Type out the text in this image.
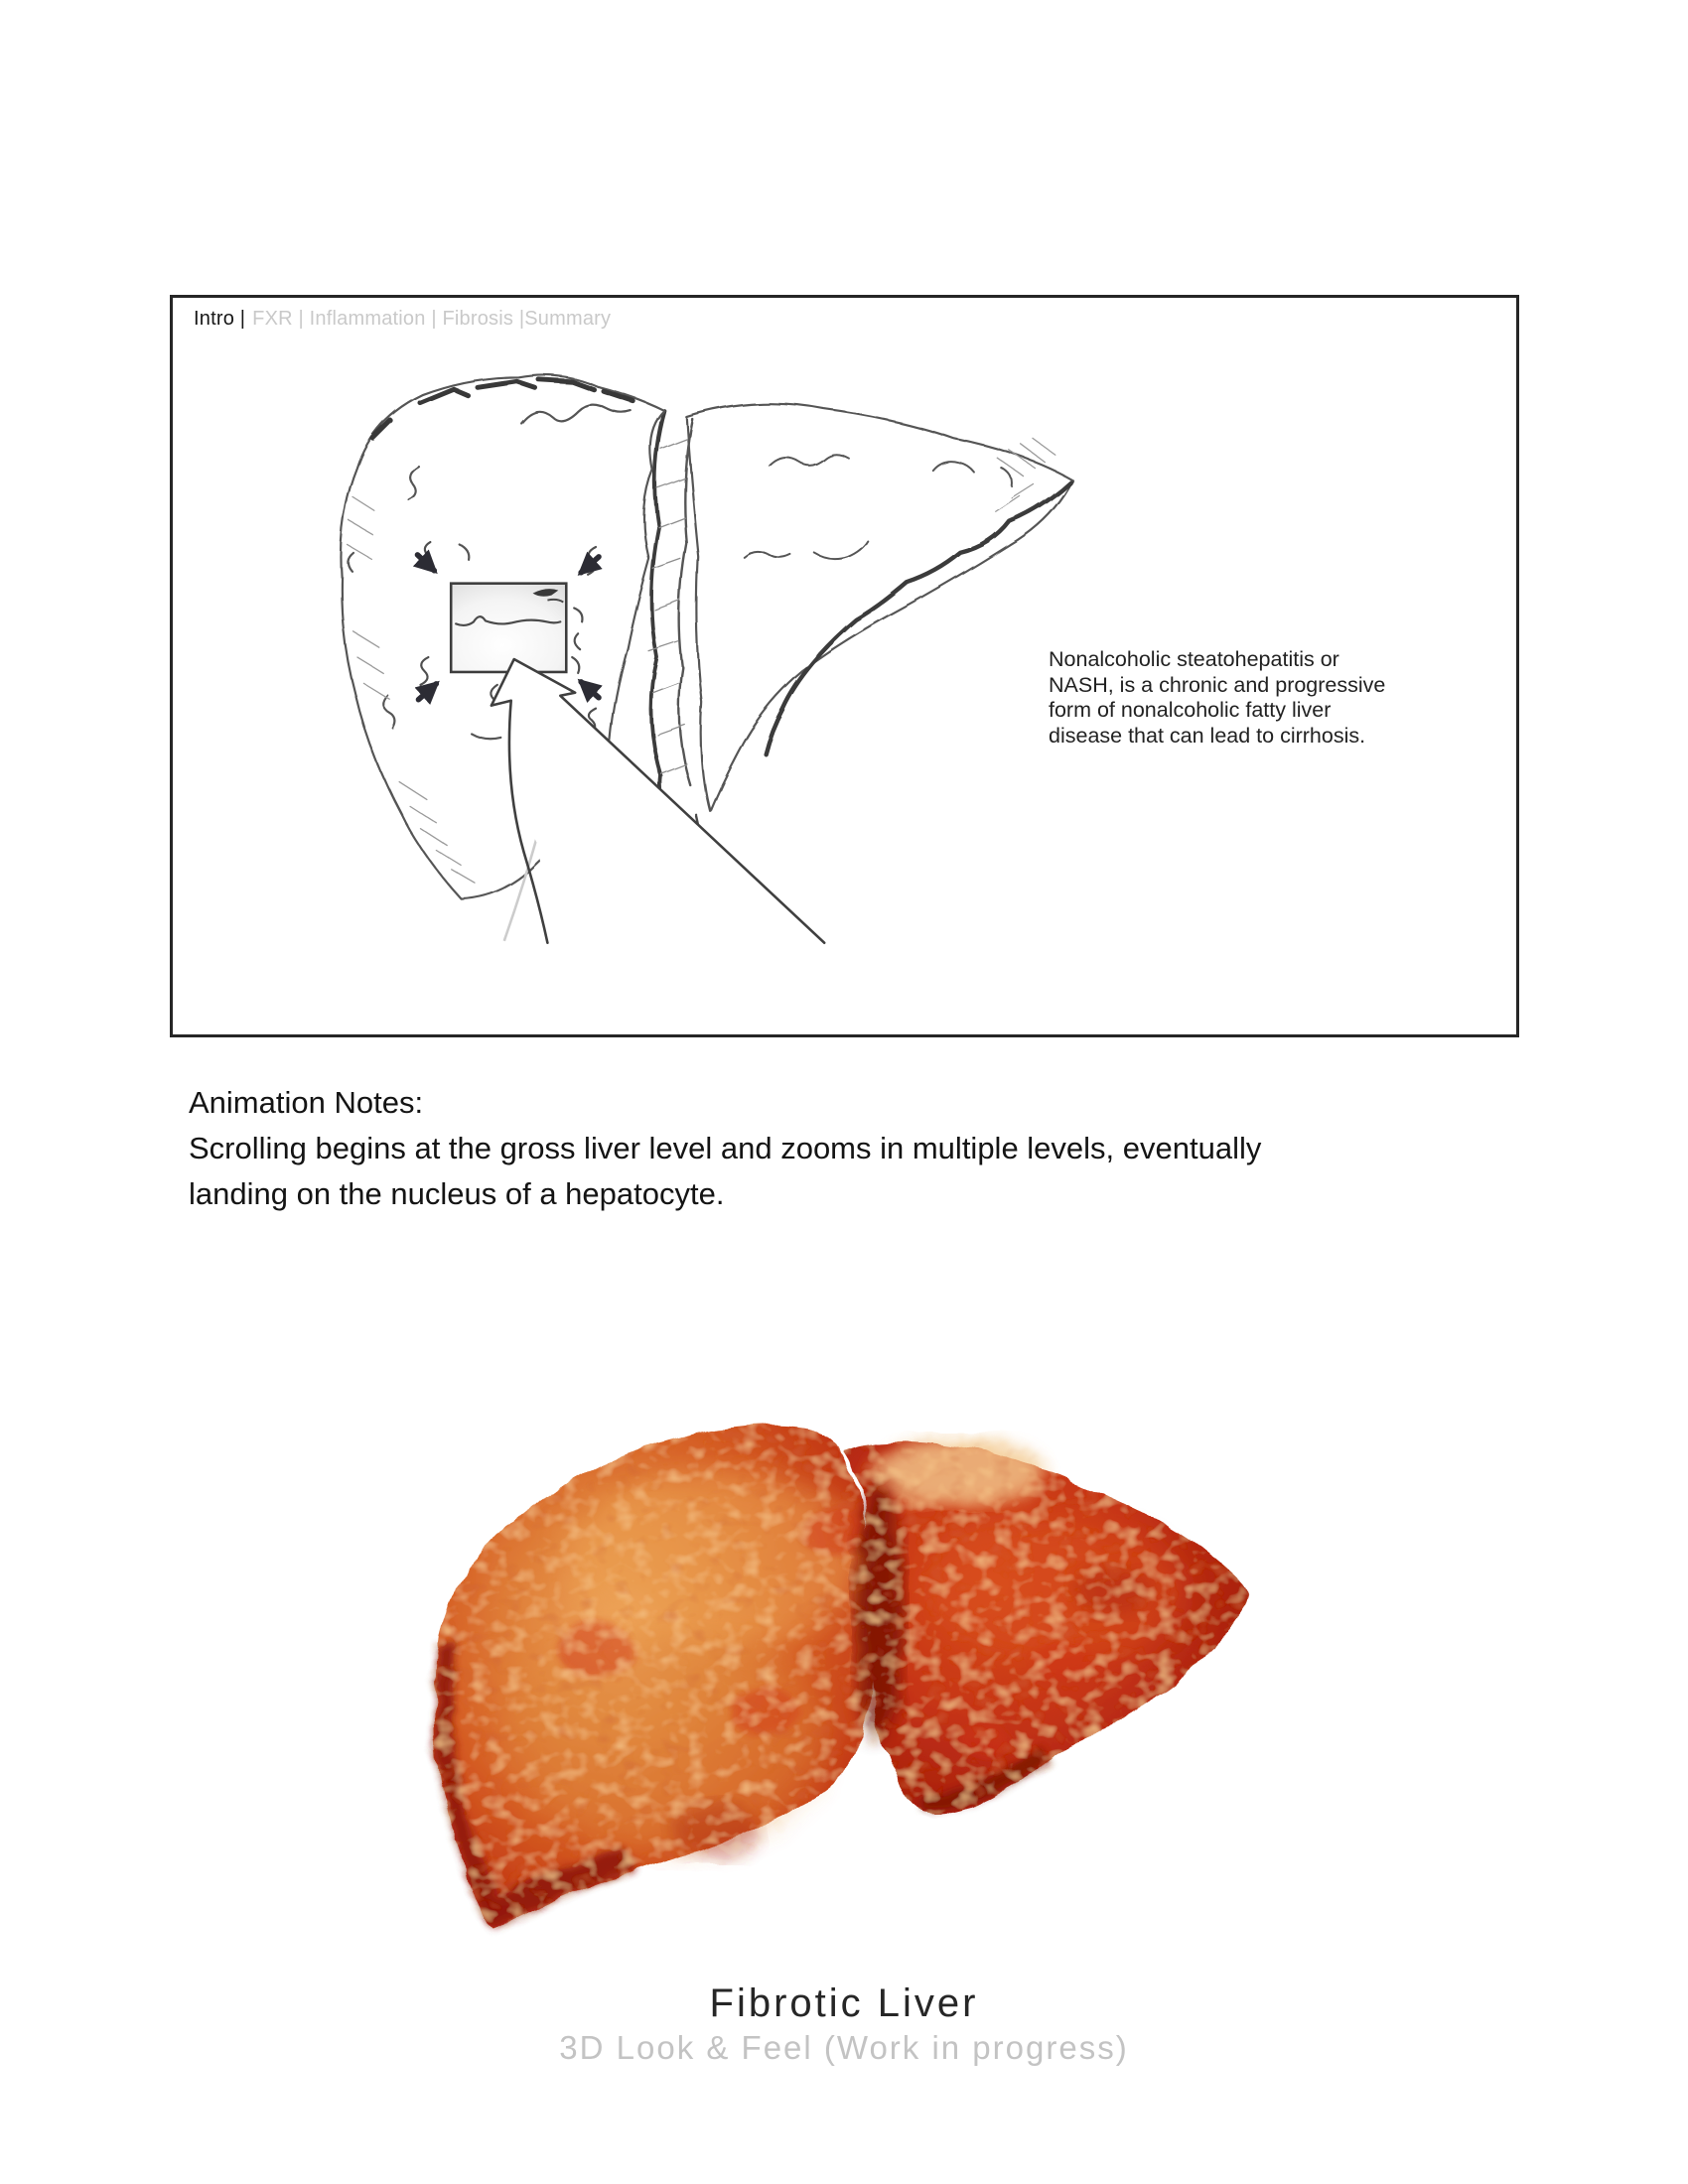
Intro | FXR | Inflammation | Fibrosis |Summary
Nonalcoholic steatohepatitis or
NASH, is a chronic and progressive
form of nonalcoholic fatty liver
disease that can lead to cirrhosis.
Animation Notes:
Scrolling begins at the gross liver level and zooms in multiple levels, eventually
landing on the nucleus of a hepatocyte.
Fibrotic Liver
3D Look & Feel (Work in progress)
